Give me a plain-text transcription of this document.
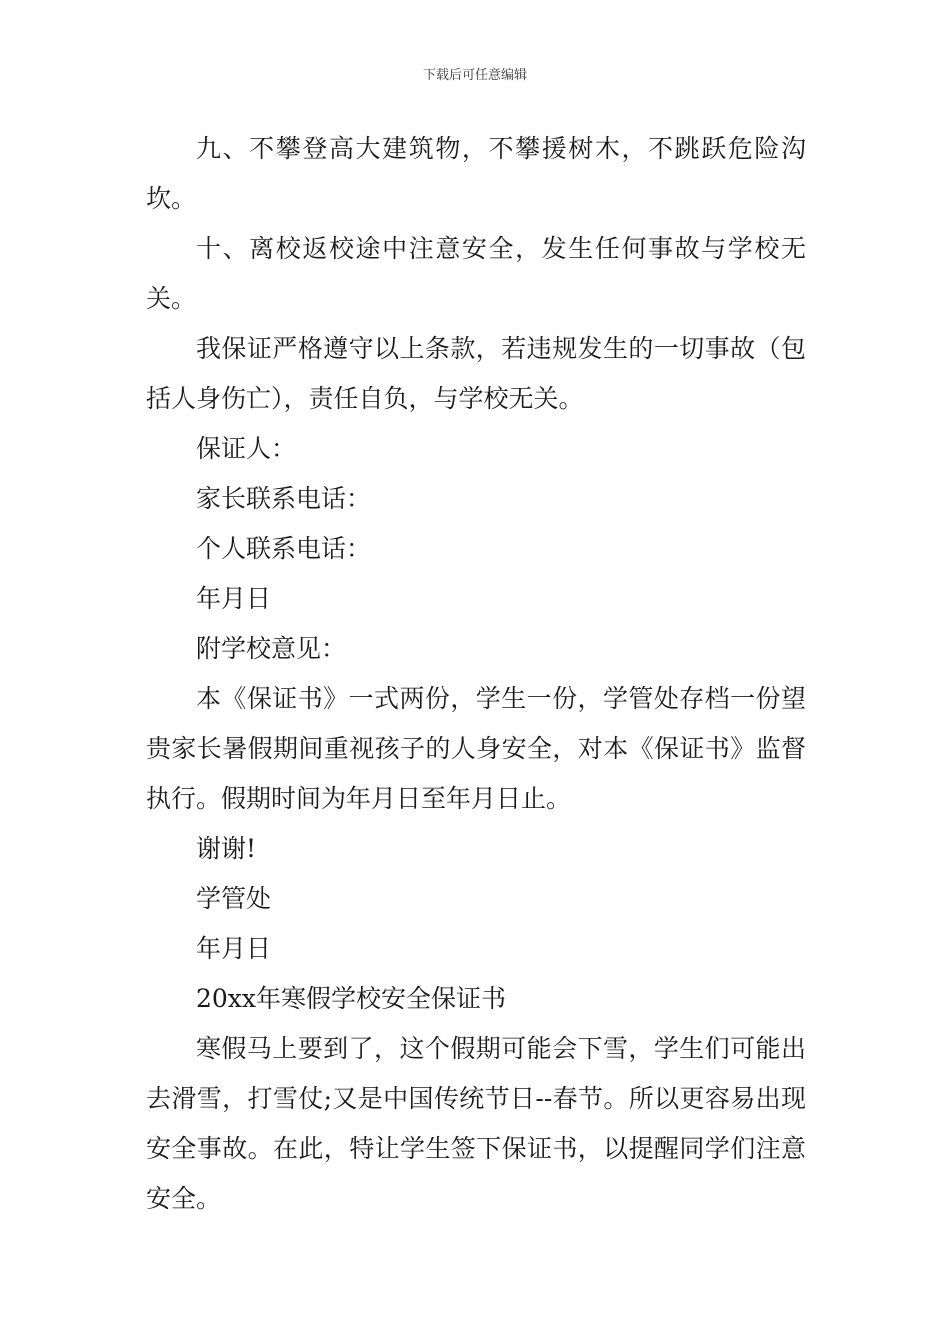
下载后可任意编辑

九、不攀登高大建筑物，不攀援树木，不跳跃危险沟坎。

十、离校返校途中注意安全，发生任何事故与学校无关。

我保证严格遵守以上条款，若违规发生的一切事故（包括人身伤亡），责任自负，与学校无关。

保证人：

家长联系电话：

个人联系电话：

年月日

附学校意见：

本《保证书》一式两份，学生一份，学管处存档一份望贵家长暑假期间重视孩子的人身安全，对本《保证书》监督执行。假期时间为年月日至年月日止。

谢谢!

学管处

年月日

20xx年寒假学校安全保证书

寒假马上要到了，这个假期可能会下雪，学生们可能出去滑雪，打雪仗;又是中国传统节日--春节。所以更容易出现安全事故。在此，特让学生签下保证书，以提醒同学们注意安全。
